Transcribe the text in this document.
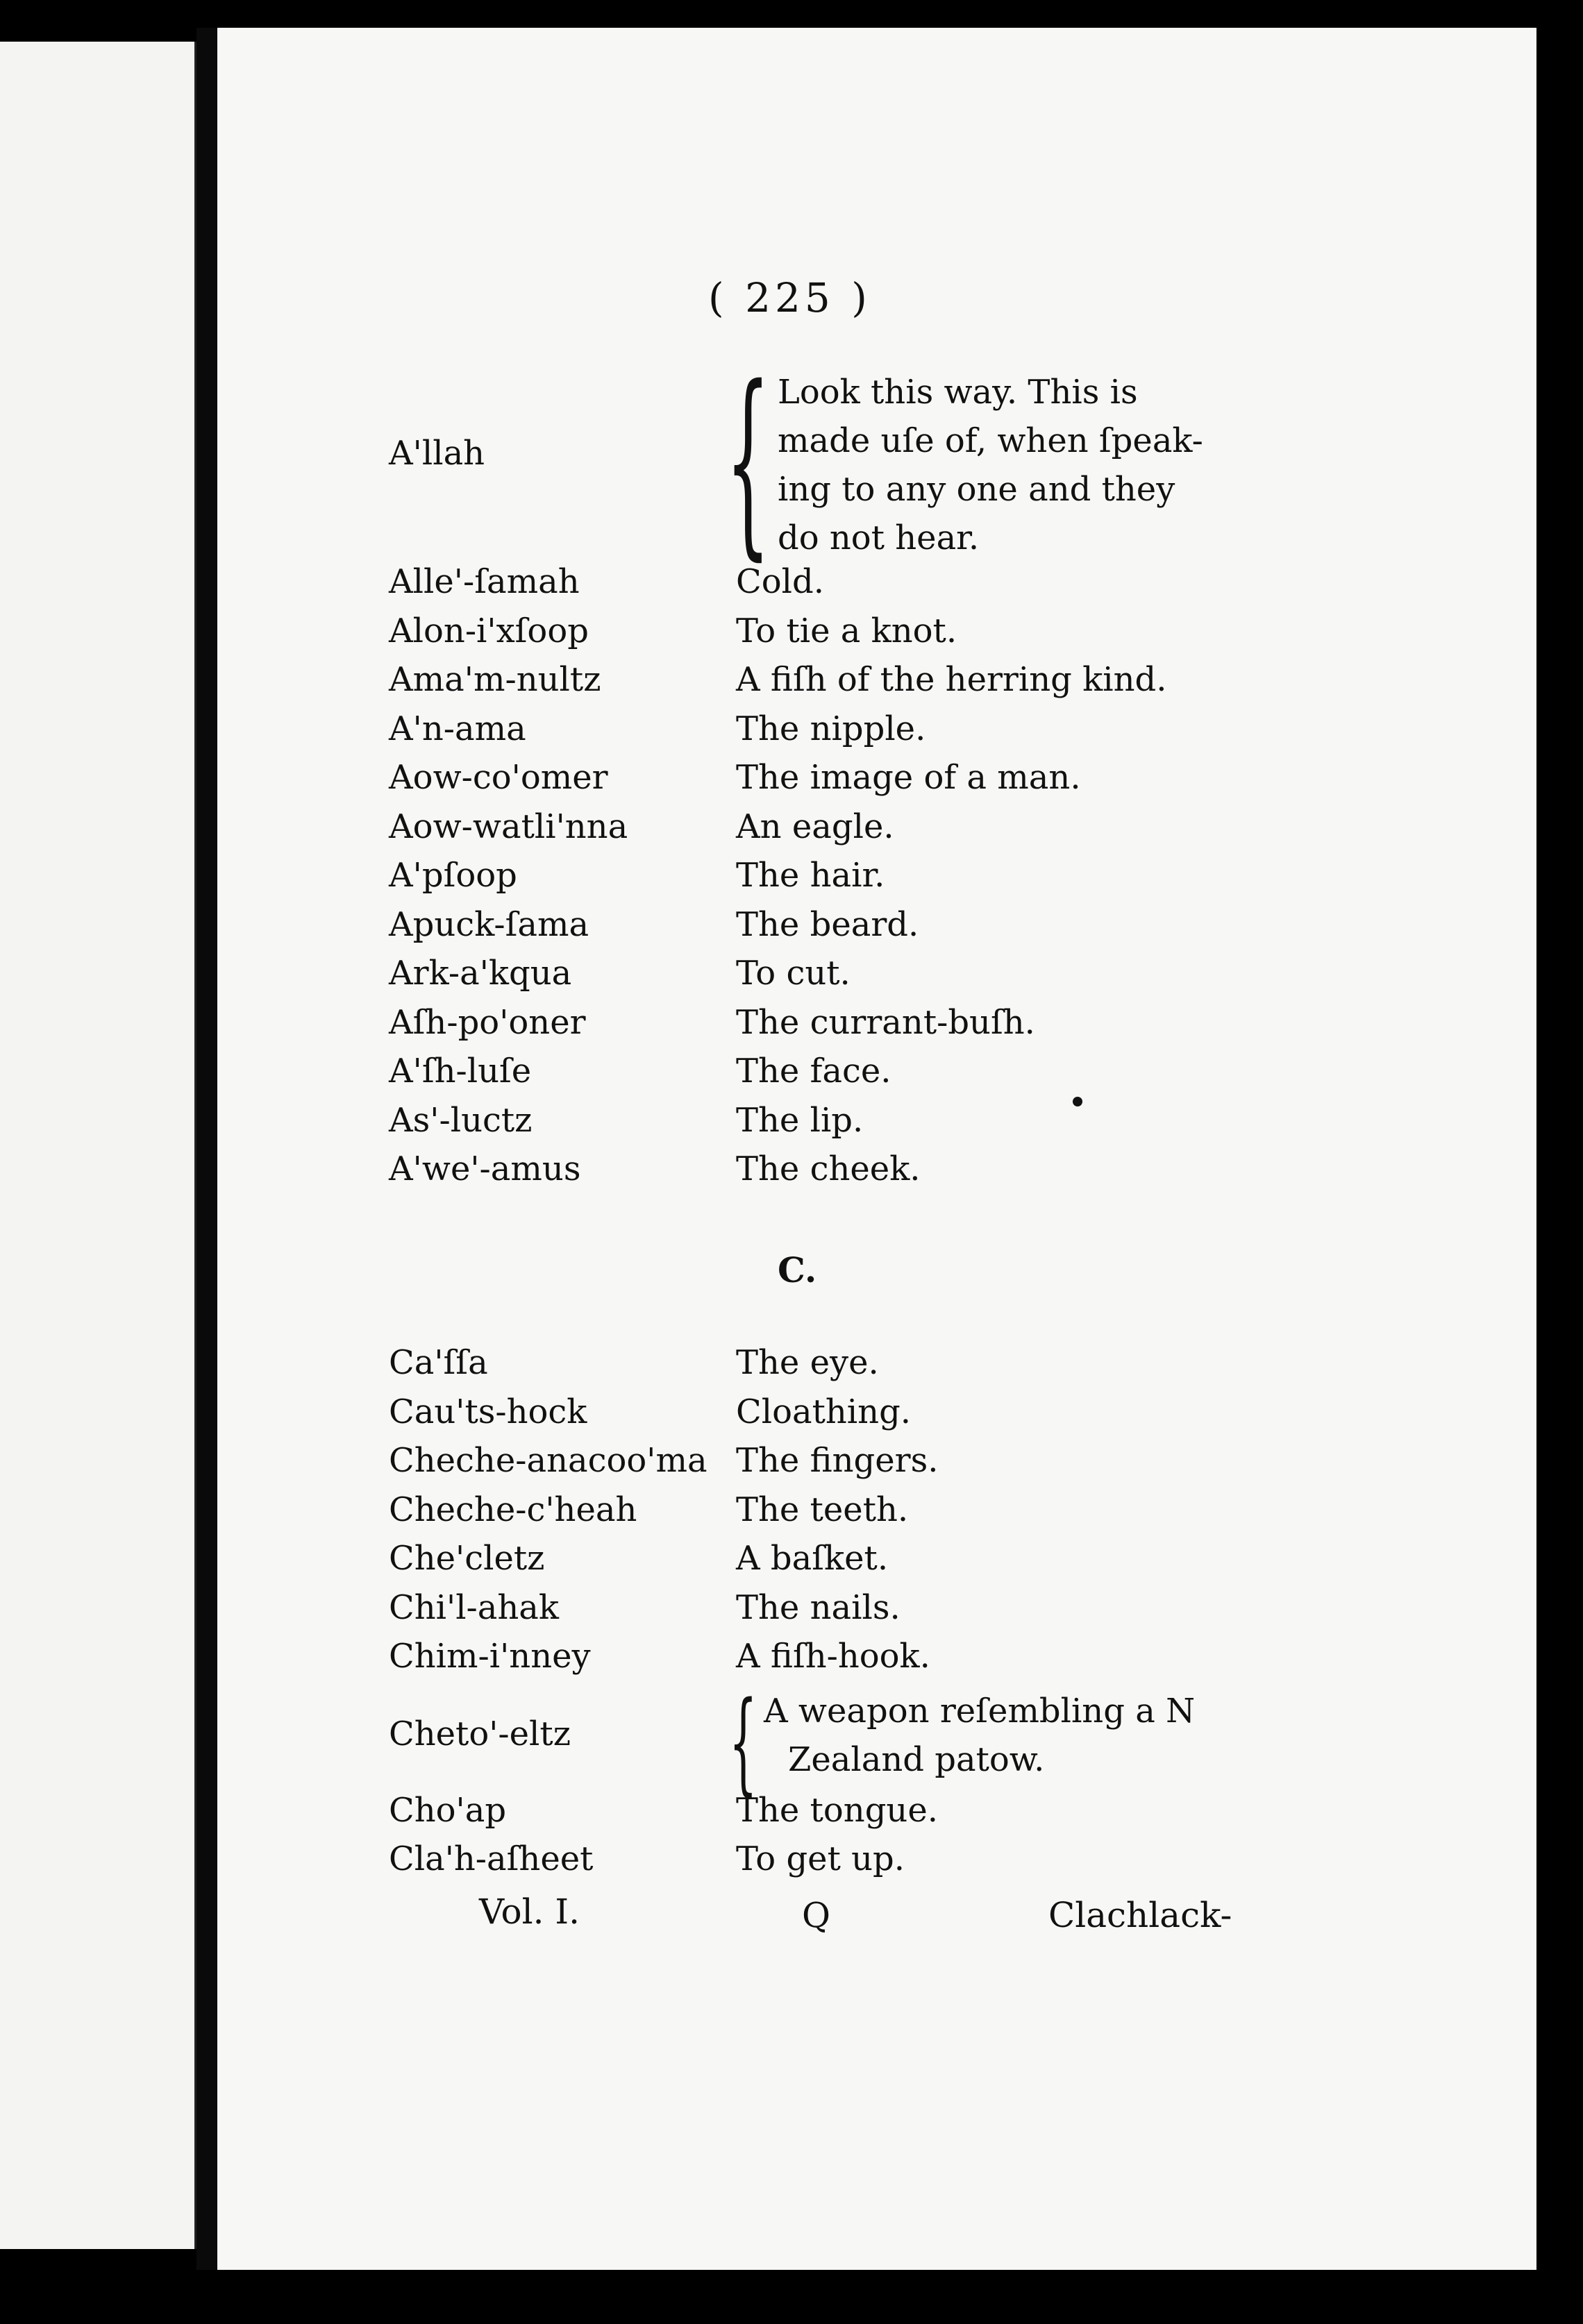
( 225 )
A'llah { Look this way. This is
made uſe of, when ſpeak-
ing to any one and they
do not hear.
Alle'-ſamah	Cold.
Alon-i'xſoop	To tie a knot.
Ama'm-nultz	A fiſh of the herring kind.
A'n-ama	The nipple.
Aow-co'omer	The image of a man.
Aow-watli'nna	An eagle.
A'pſoop	The hair.
Apuck-ſama	The beard.
Ark-a'kqua	To cut.
Aſh-po'oner	The currant-buſh.
A'ſh-luſe	The face.
As'-luctz	The lip.
A'we'-amus	The cheek.
C.
Ca'ſſa	The eye.
Cau'ts-hock	Cloathing.
Cheche-anacoo'ma The fingers.
Cheche-c'heah	The teeth.
Che'cletz	A baſket.
Chi'l-ahak	The nails.
Chim-i'nney	A fiſh-hook.
Cheto'-eltz { A weapon reſembling a N
Zealand patow.
Cho'ap	The tongue.
Cla'h-aſheet	To get up.
Vol. I.	Q	Clachlack-
